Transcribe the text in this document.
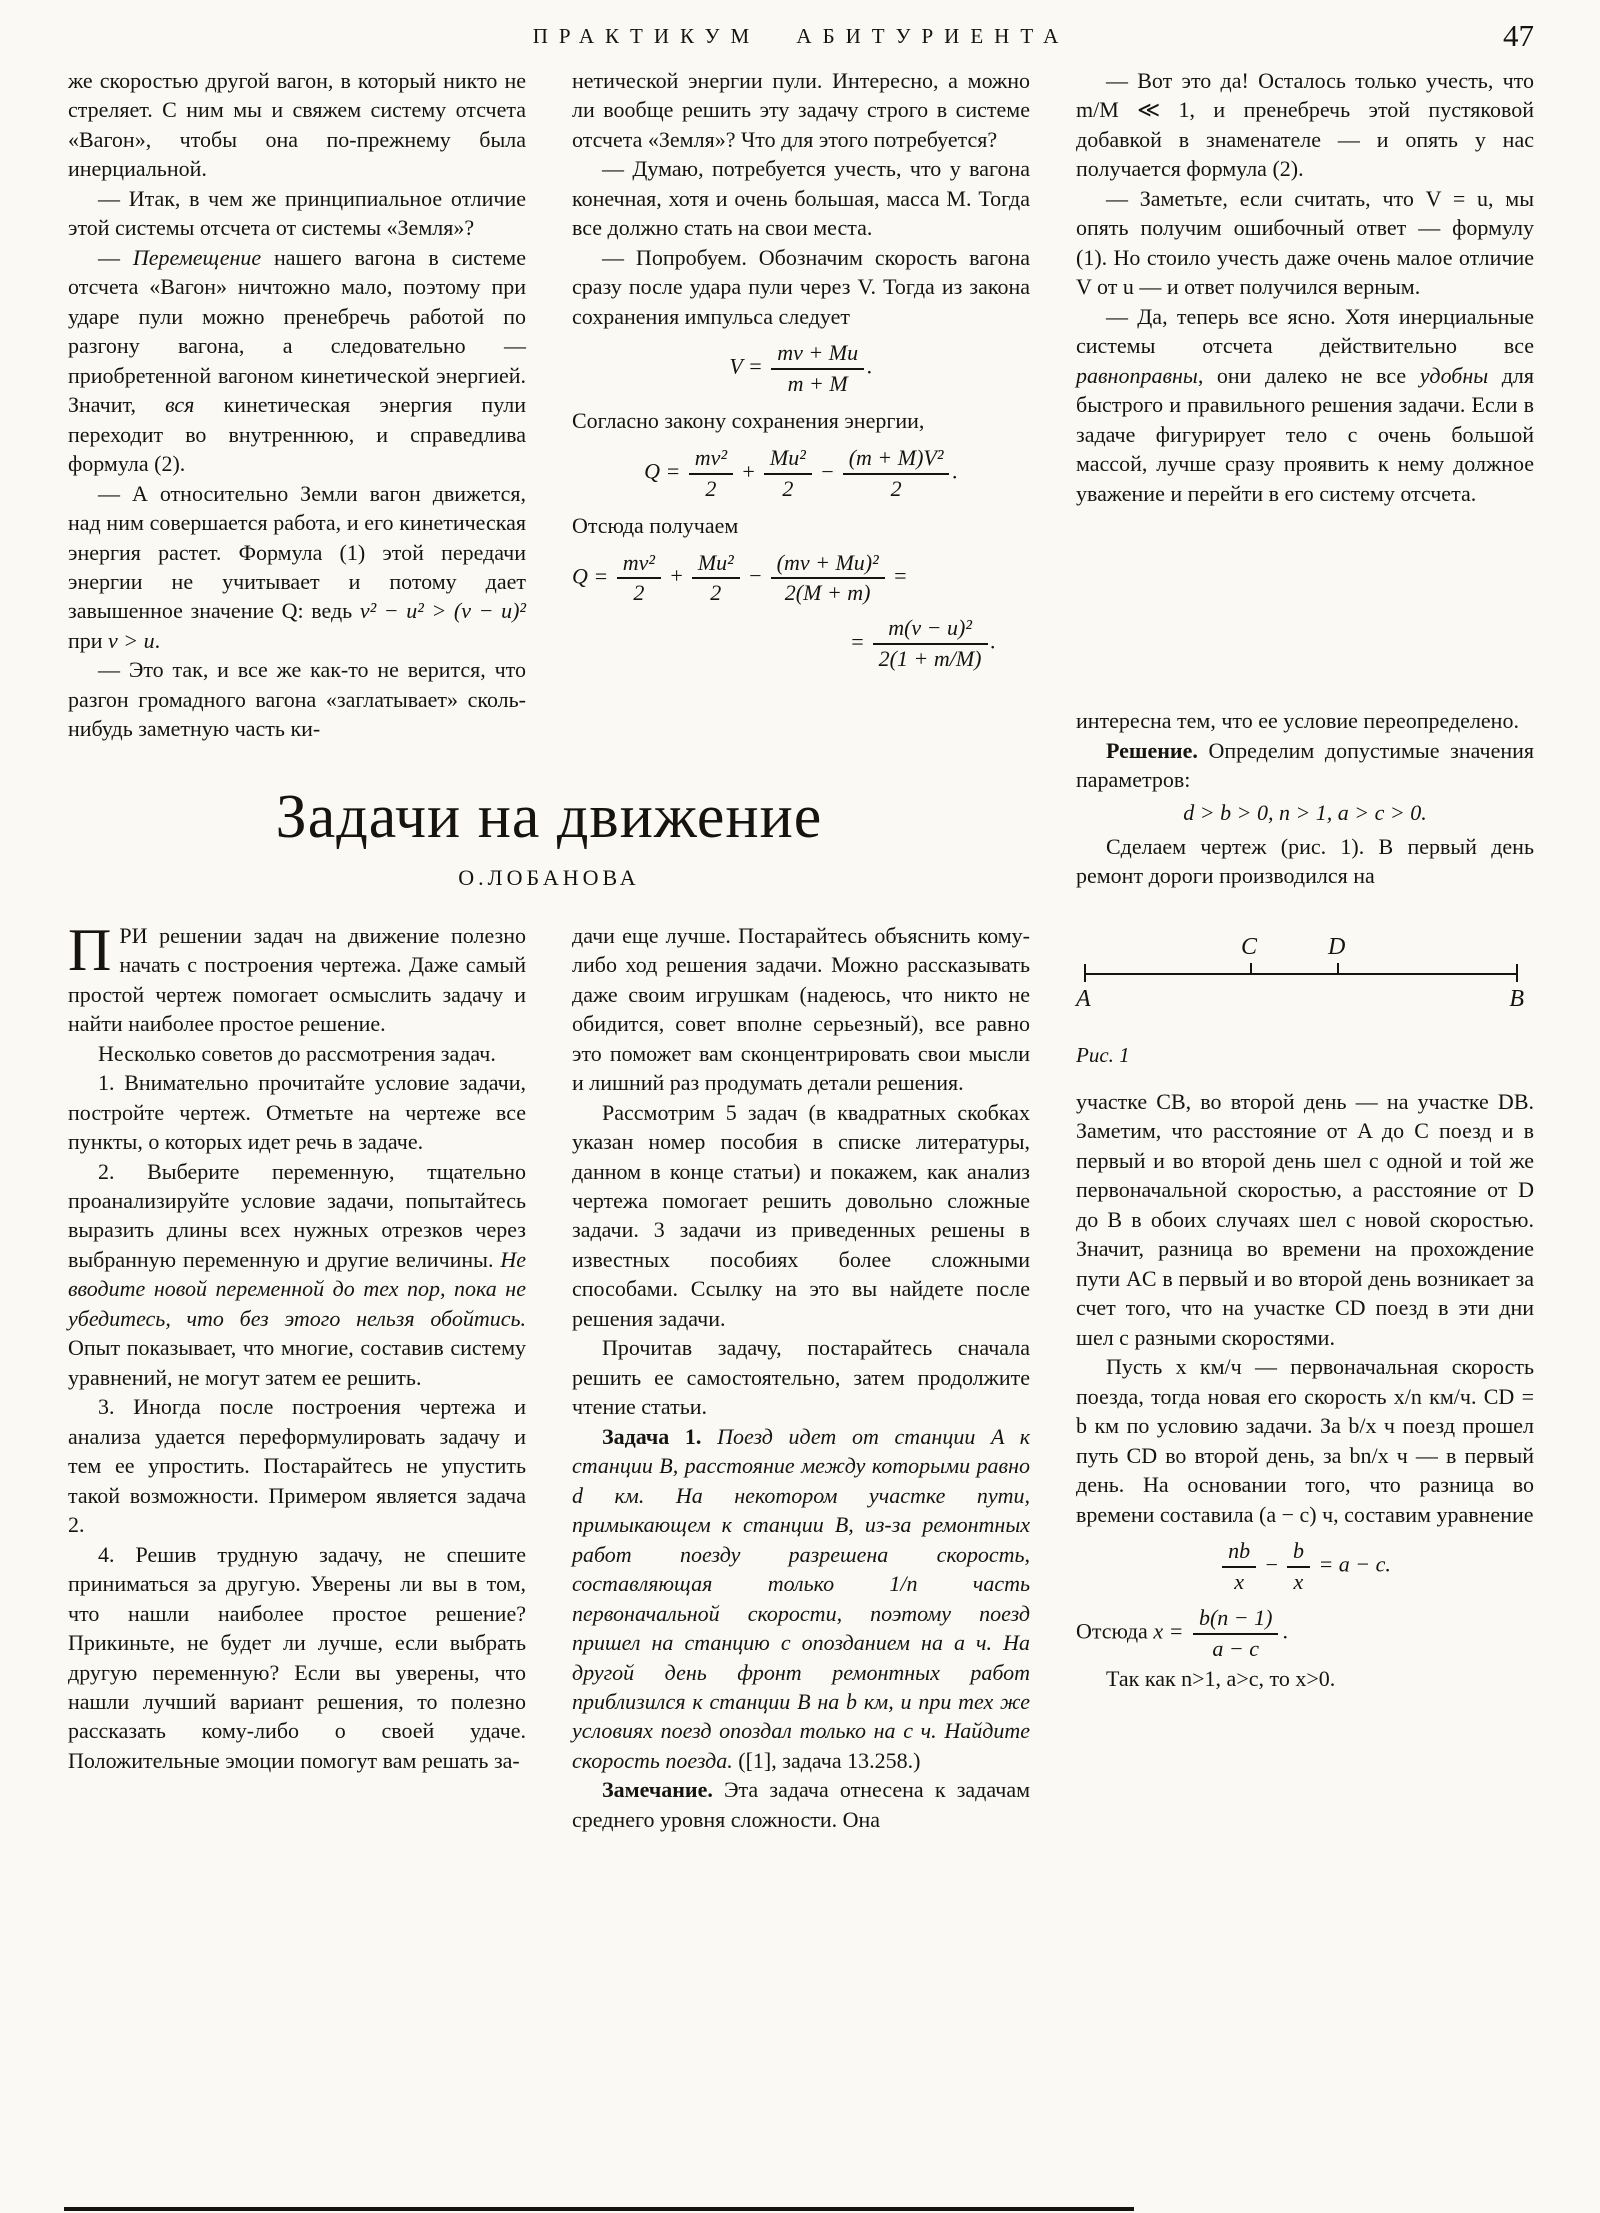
ПРАКТИКУМ АБИТУРИЕНТА	47

же скоростью другой вагон, в который никто не стреляет. С ним мы и свяжем систему отсчета «Вагон», чтобы она по-прежнему была инерциальной.

— Итак, в чем же принципиальное отличие этой системы отсчета от системы «Земля»?

— Перемещение нашего вагона в системе отсчета «Вагон» ничтожно мало, поэтому при ударе пули можно пренебречь работой по разгону вагона, а следовательно — приобретенной вагоном кинетической энергией. Значит, вся кинетическая энергия пули переходит во внутреннюю, и справедлива формула (2).

— А относительно Земли вагон движется, над ним совершается работа, и его кинетическая энергия растет. Формула (1) этой передачи энергии не учитывает и потому дает завышенное значение Q: ведь v² − u² > (v − u)² при v > u.

— Это так, и все же как-то не верится, что разгон громадного вагона «заглатывает» сколь-нибудь заметную часть ки-

нетической энергии пули. Интересно, а можно ли вообще решить эту задачу строго в системе отсчета «Земля»? Что для этого потребуется?

— Думаю, потребуется учесть, что у вагона конечная, хотя и очень большая, масса M. Тогда все должно стать на свои места.

— Попробуем. Обозначим скорость вагона сразу после удара пули через V. Тогда из закона сохранения импульса следует

$V = \frac{mv + Mu}{m + M}$ .

Согласно закону сохранения энергии,

$Q = \frac{\text{mv²}}{2} + \frac{\text{Mu²}}{2} - \frac{\text{(m + M)V²}}{2}$ .

Отсюда получаем

$Q = \frac{\text{mv²}}{2} + \frac{\text{Mu²}}{2} - \frac{\text{(mv + Mu)²}}{2(M + m)}$ =
= $\frac{\text{m(v − u)²}}{2(1 + m/M)}$ .
Задачи на движение
О.ЛОБАНОВА

ПРИ решении задач на движение полезно начать с построения чертежа. Даже самый простой чертеж помогает осмыслить задачу и найти наиболее простое решение.

Несколько советов до рассмотрения задач.

1. Внимательно прочитайте условие задачи, постройте чертеж. Отметьте на чертеже все пункты, о которых идет речь в задаче.

2. Выберите переменную, тщательно проанализируйте условие задачи, попытайтесь выразить длины всех нужных отрезков через выбранную переменную и другие величины. Не вводите новой переменной до тех пор, пока не убедитесь, что без этого нельзя обойтись. Опыт показывает, что многие, составив систему уравнений, не могут затем ее решить.

3. Иногда после построения чертежа и анализа удается переформулировать задачу и тем ее упростить. Постарайтесь не упустить такой возможности. Примером является задача 2.

4. Решив трудную задачу, не спешите приниматься за другую. Уверены ли вы в том, что нашли наиболее простое решение? Прикиньте, не будет ли лучше, если выбрать другую переменную? Если вы уверены, что нашли лучший вариант решения, то полезно рассказать кому-либо о своей удаче. Положительные эмоции помогут вам решать за-

дачи еще лучше. Постарайтесь объяснить кому-либо ход решения задачи. Можно рассказывать даже своим игрушкам (надеюсь, что никто не обидится, совет вполне серьезный), все равно это поможет вам сконцентрировать свои мысли и лишний раз продумать детали решения.

Рассмотрим 5 задач (в квадратных скобках указан номер пособия в списке литературы, данном в конце статьи) и покажем, как анализ чертежа помогает решить довольно сложные задачи. 3 задачи из приведенных решены в известных пособиях более сложными способами. Ссылку на это вы найдете после решения задачи.

Прочитав задачу, постарайтесь сначала решить ее самостоятельно, затем продолжите чтение статьи.

Задача 1. Поезд идет от станции A к станции B, расстояние между которыми равно d км. На некотором участке пути, примыкающем к станции B, из-за ремонтных работ поезду разрешена скорость, составляющая только 1/n часть первоначальной скорости, поэтому поезд пришел на станцию с опозданием на a ч. На другой день фронт ремонтных работ приблизился к станции B на b км, и при тех же условиях поезд опоздал только на c ч. Найдите скорость поезда. ([1], задача 13.258.)

Замечание. Эта задача отнесена к задачам среднего уровня сложности. Она

— Вот это да! Осталось только учесть, что m/M ≪ 1, и пренебречь этой пустяковой добавкой в знаменателе — и опять у нас получается формула (2).

— Заметьте, если считать, что V = u, мы опять получим ошибочный ответ — формулу (1). Но стоило учесть даже очень малое отличие V от u — и ответ получился верным.

— Да, теперь все ясно. Хотя инерциальные системы отсчета действительно все равноправны, они далеко не все удобны для быстрого и правильного решения задачи. Если в задаче фигурирует тело с очень большой массой, лучше сразу проявить к нему должное уважение и перейти в его систему отсчета.

интересна тем, что ее условие переопределено.

Решение. Определим допустимые значения параметров:

d > b > 0, n > 1, a > c > 0.

Сделаем чертеж (рис. 1). В первый день ремонт дороги производился на

C	D
A	B
Рис. 1

участке CB, во второй день — на участке DB. Заметим, что расстояние от A до C поезд и в первый и во второй день шел с одной и той же первоначальной скоростью, а расстояние от D до B в обоих случаях шел с новой скоростью. Значит, разница во времени на прохождение пути AC в первый и во второй день возникает за счет того, что на участке CD поезд в эти дни шел с разными скоростями.

Пусть x км/ч — первоначальная скорость поезда, тогда новая его скорость x/n км/ч. CD = b км по условию задачи. За b/x ч поезд прошел путь CD во второй день, за bn/x ч — в первый день. На основании того, что разница во времени составила (a − c) ч, составим уравнение

$\frac{nb}{x} - \frac{b}{x} = a - c$.

Отсюда $x = \frac{b(n - 1)}{a - c}$ .

Так как n>1, a>c, то x>0.
